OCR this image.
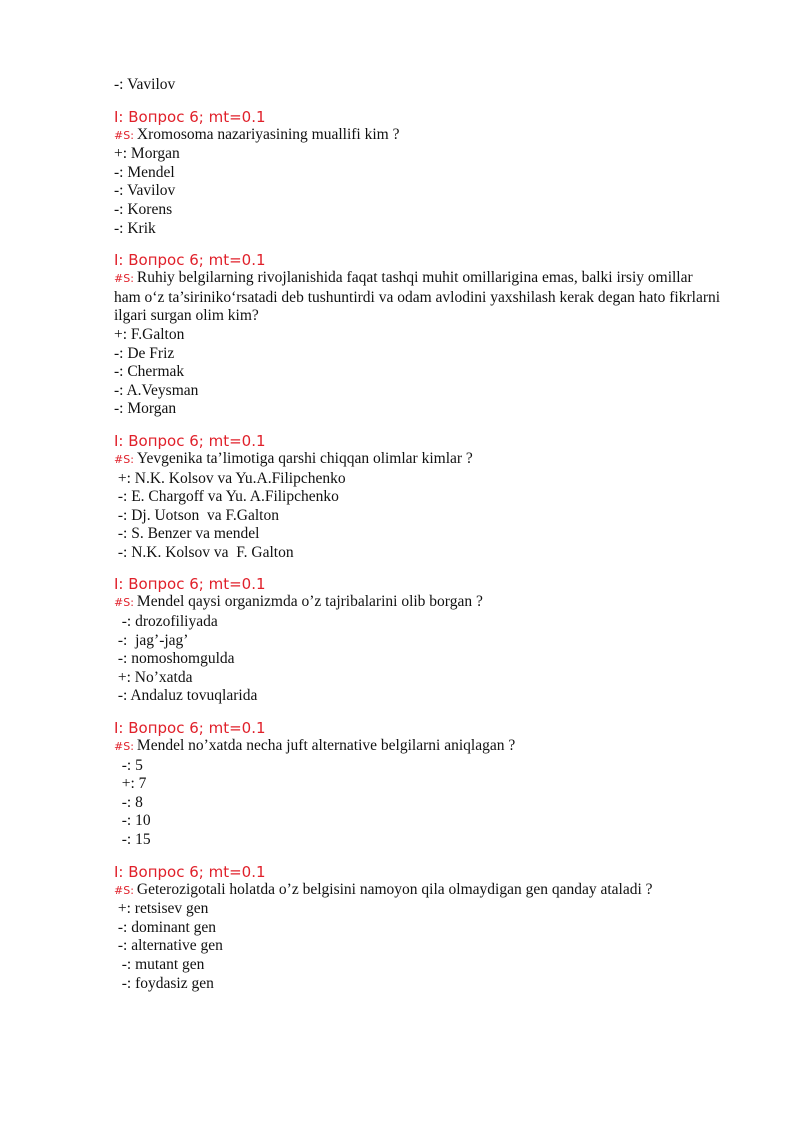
-: Vavilov
I: Вопрос 6; mt=0.1
#S: Xromosoma nazariyasining muallifi kim ?
+: Morgan
-: Mendel
-: Vavilov
-: Korens
-: Krik
I: Вопрос 6; mt=0.1
#S: Ruhiy belgilarning rivojlanishida faqat tashqi muhit omillarigina emas, balki irsiy omillar ham o‘z ta’siriniko‘rsatadi deb tushuntirdi va odam avlodini yaxshilash kerak degan hato fikrlarni ilgari surgan olim kim?
+: F.Galton
-: De Friz
-: Chermak
-: A.Veysman
-: Morgan
I: Вопрос 6; mt=0.1
#S: Yevgenika ta’limotiga qarshi chiqqan olimlar kimlar ?
+: N.K. Kolsov va Yu.A.Filipchenko
-: E. Chargoff va Yu. A.Filipchenko
-: Dj. Uotson  va F.Galton
-: S. Benzer va mendel
-: N.K. Kolsov va  F. Galton
I: Вопрос 6; mt=0.1
#S: Mendel qaysi organizmda o’z tajribalarini olib borgan ?
-: drozofiliyada
-:  jag’-jag’
-: nomoshomgulda
+: No’xatda
-: Andaluz tovuqlarida
I: Вопрос 6; mt=0.1
#S: Mendel no’xatda necha juft alternative belgilarni aniqlagan ?
-: 5
+: 7
-: 8
-: 10
-: 15
I: Вопрос 6; mt=0.1
#S: Geterozigotali holatda o’z belgisini namoyon qila olmaydigan gen qanday ataladi ?
+: retsisev gen
-: dominant gen
-: alternative gen
-: mutant gen
-: foydasiz gen
